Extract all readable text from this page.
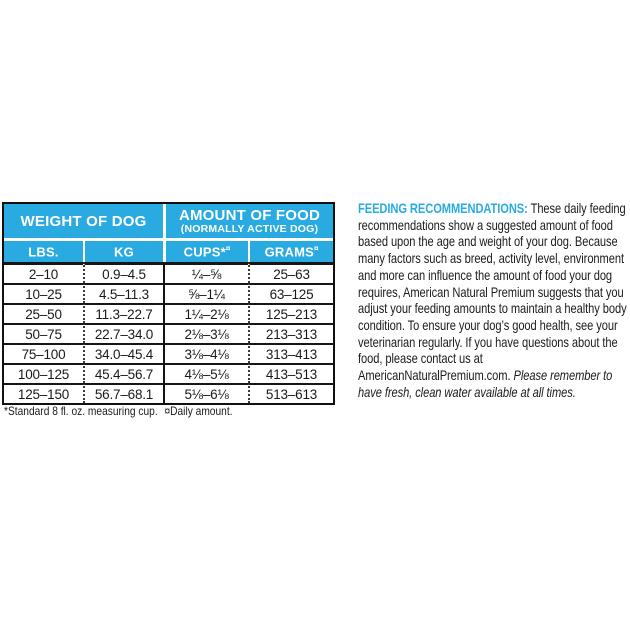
WEIGHT OF DOG		AMOUNT OF FOOD
(NORMALLY ACTIVE DOG)	

LBS.	KG	CUPS*¤	GRAMS¤
2–10	0.9–4.5	¼–⅝	25–63
10–25	4.5–11.3	⅝–1¼	63–125
25–50	11.3–22.7	1¼–2⅛	125–213
50–75	22.7–34.0	2⅛–3⅛	213–313
75–100	34.0–45.4	3⅛–4⅛	313–413
100–125	45.4–56.7	4⅛–5⅛	413–513
125–150	56.7–68.1	5⅛–6⅛	513–613
*Standard 8 fl. oz. measuring cup. ¤Daily amount.
FEEDING RECOMMENDATIONS: These daily feeding recommendations show a suggested amount of food based upon the age and weight of your dog. Because many factors such as breed, activity level, environment and more can influence the amount of food your dog requires, American Natural Premium suggests that you adjust your feeding amounts to maintain a healthy body condition. To ensure your dog’s good health, see your veterinarian regularly. If you have questions about the food, please contact us at AmericanNaturalPremium.com. Please remember to have fresh, clean water available at all times.
